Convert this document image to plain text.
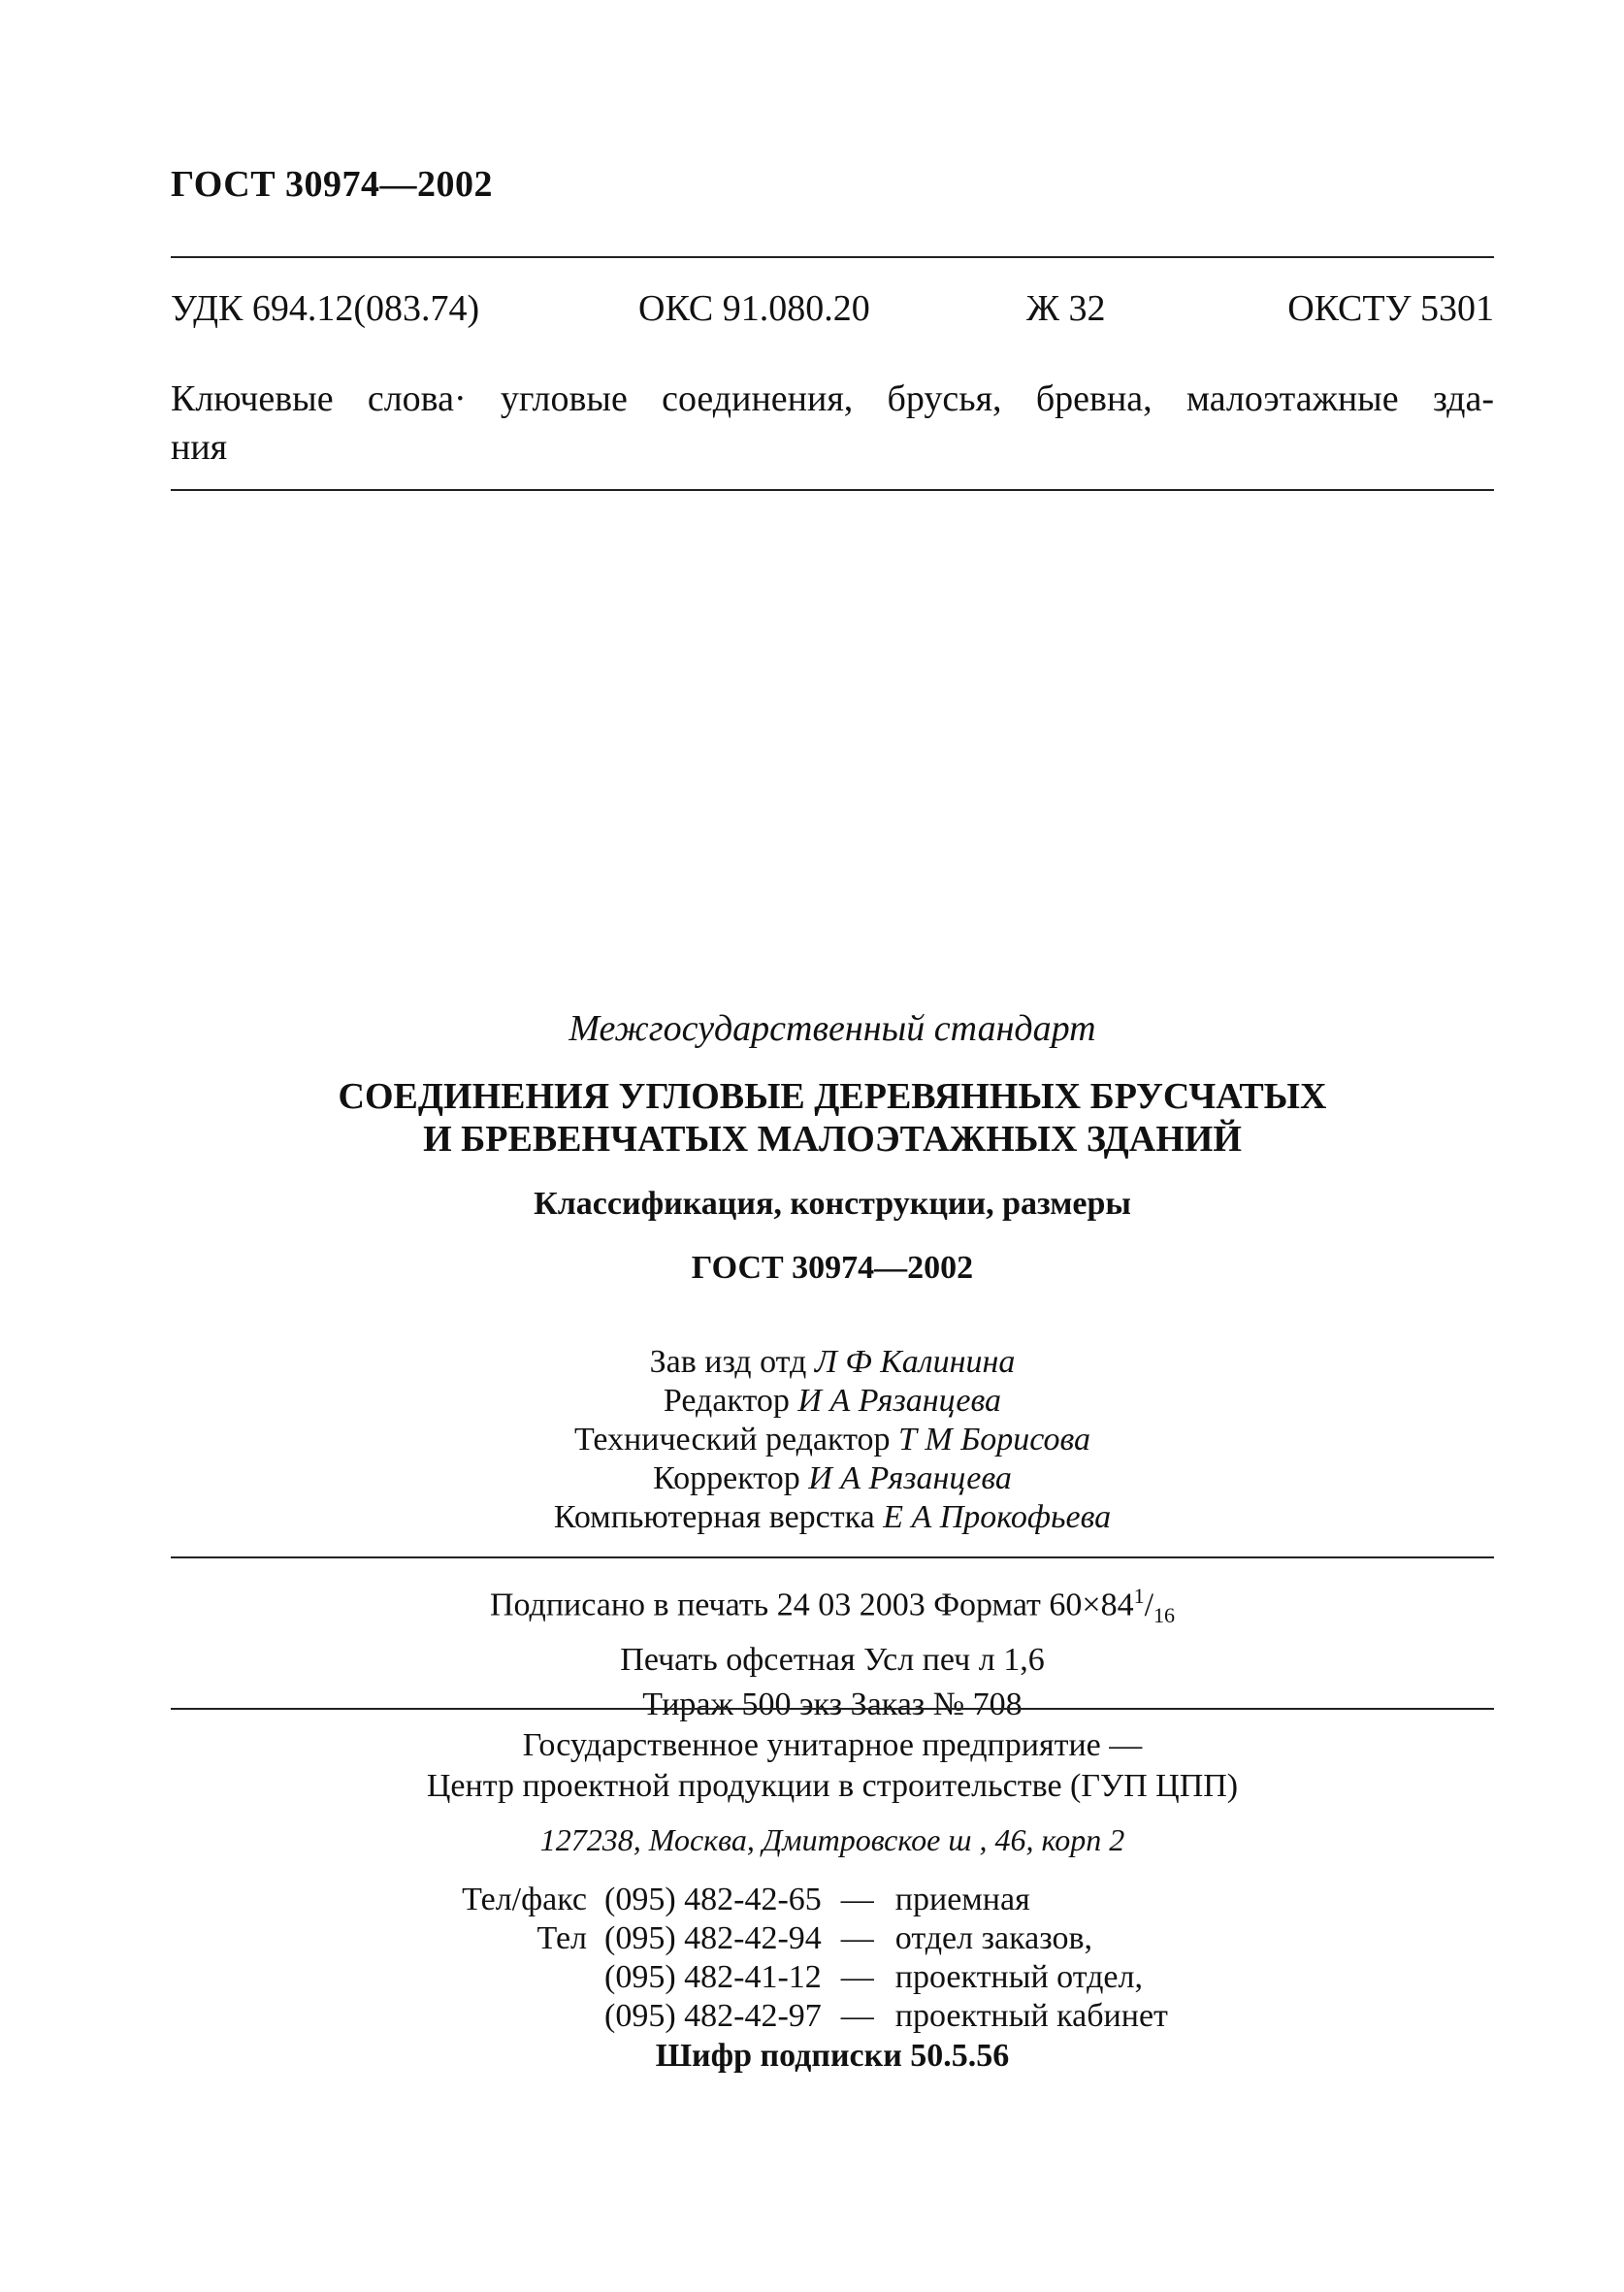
ГОСТ 30974—2002
УДК 694.12(083.74)	ОКС 91.080.20	Ж 32	ОКСТУ 5301
Ключевые слова· угловые соединения, брусья, бревна, малоэтажные зда-
ния
Межгосударственный стандарт
СОЕДИНЕНИЯ УГЛОВЫЕ ДЕРЕВЯННЫХ БРУСЧАТЫХ
И БРЕВЕНЧАТЫХ МАЛОЭТАЖНЫХ ЗДАНИЙ
Классификация, конструкции, размеры
ГОСТ 30974—2002
Зав изд отд Л Ф Калинина
Редактор И А Рязанцева
Технический редактор Т М Борисова
Корректор И А Рязанцева
Компьютерная верстка Е А Прокофьева
Подписано в печать 24 03 2003 Формат $60\times 84^1/_{16}$
Печать офсетная Усл печ л 1,6
Тираж 500 экз Заказ № 708
Государственное унитарное предприятие —
Центр проектной продукции в строительстве (ГУП ЦПП)
127238, Москва, Дмитровское ш , 46, корп 2
Тел/факс	(095) 482-42-65	—	приемная
Тел	(095) 482-42-94	—	отдел заказов,
	(095) 482-41-12	—	проектный отдел,
	(095) 482-42-97	—	проектный кабинет
Шифр подписки 50.5.56
